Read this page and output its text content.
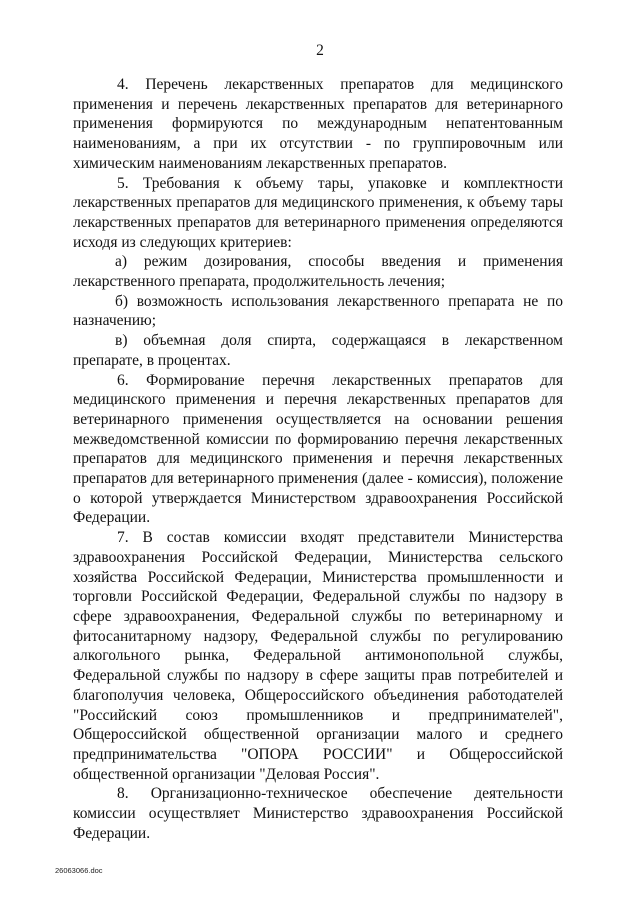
2

4. Перечень лекарственных препаратов для медицинского применения и перечень лекарственных препаратов для ветеринарного применения формируются по международным непатентованным наименованиям, а при их отсутствии - по группировочным или химическим наименованиям лекарственных препаратов.

5. Требования к объему тары, упаковке и комплектности лекарственных препаратов для медицинского применения, к объему тары лекарственных препаратов для ветеринарного применения определяются исходя из следующих критериев:

а) режим дозирования, способы введения и применения лекарственного препарата, продолжительность лечения;

б) возможность использования лекарственного препарата не по назначению;

в) объемная доля спирта, содержащаяся в лекарственном препарате, в процентах.

6. Формирование перечня лекарственных препаратов для медицинского применения и перечня лекарственных препаратов для ветеринарного применения осуществляется на основании решения межведомственной комиссии по формированию перечня лекарственных препаратов для медицинского применения и перечня лекарственных препаратов для ветеринарного применения (далее - комиссия), положение о которой утверждается Министерством здравоохранения Российской Федерации.

7. В состав комиссии входят представители Министерства здравоохранения Российской Федерации, Министерства сельского хозяйства Российской Федерации, Министерства промышленности и торговли Российской Федерации, Федеральной службы по надзору в сфере здравоохранения, Федеральной службы по ветеринарному и фитосанитарному надзору, Федеральной службы по регулированию алкогольного рынка, Федеральной антимонопольной службы, Федеральной службы по надзору в сфере защиты прав потребителей и благополучия человека, Общероссийского объединения работодателей "Российский союз промышленников и предпринимателей", Общероссийской общественной организации малого и среднего предпринимательства "ОПОРА РОССИИ" и Общероссийской общественной организации "Деловая Россия".

8. Организационно-техническое обеспечение деятельности комиссии осуществляет Министерство здравоохранения Российской Федерации.

26063066.doc
